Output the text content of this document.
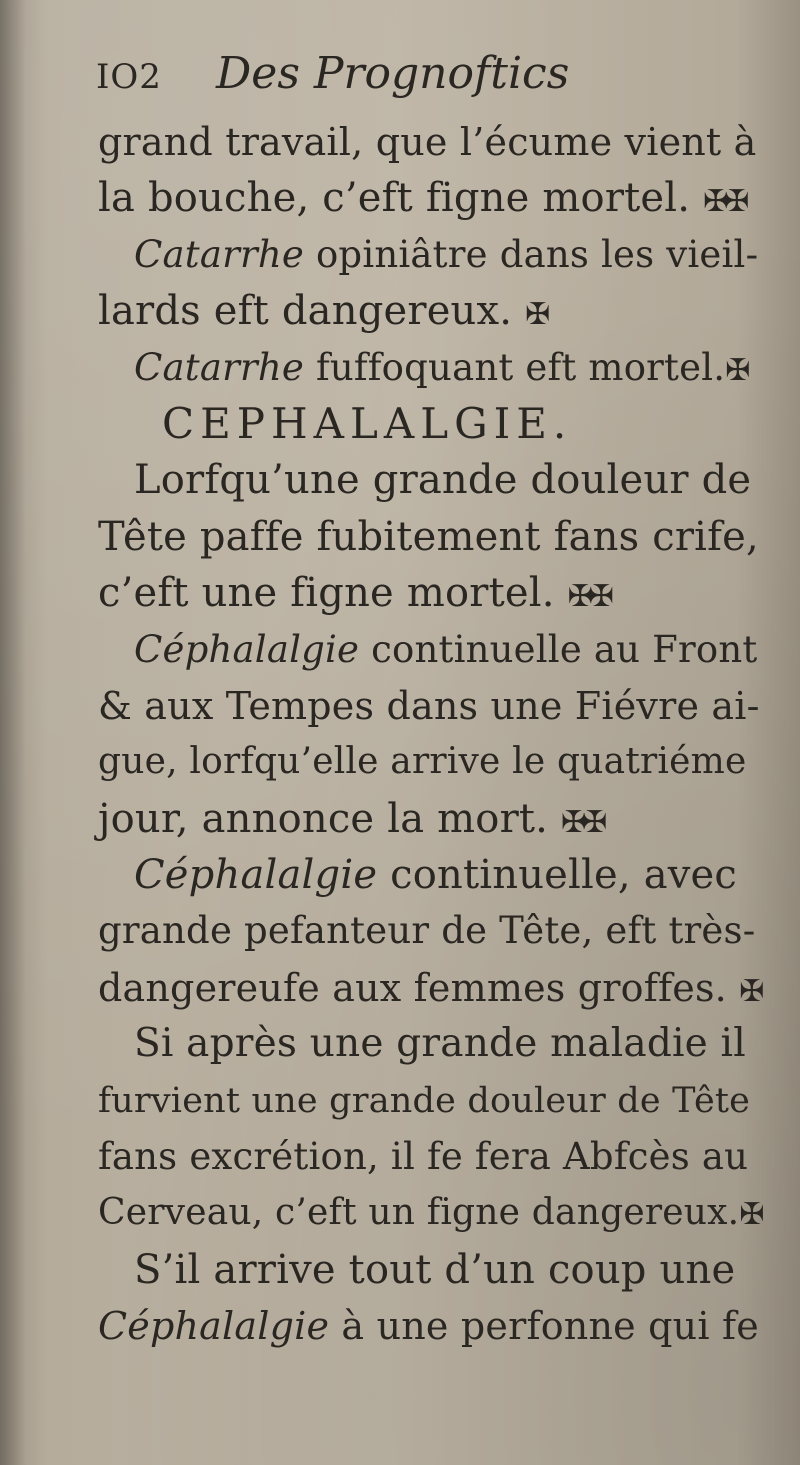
IO2	Des Prognoftics
grand travail, que l’écume vient à
la bouche, c’eft figne mortel. ✠✠
Catarrhe opiniâtre dans les vieil-
lards eft dangereux. ✠
Catarrhe fuffoquant eft mortel.✠
CEPHALALGIE.
Lorfqu’une grande douleur de
Tête paffe fubitement fans crife,
c’eft une figne mortel. ✠✠
Céphalalgie continuelle au Front
& aux Tempes dans une Fiévre ai-
gue, lorfqu’elle arrive le quatriéme
jour, annonce la mort. ✠✠
Céphalalgie continuelle, avec
grande pefanteur de Tête, eft très-
dangereufe aux femmes groffes. ✠
Si après une grande maladie il
furvient une grande douleur de Tête
fans excrétion, il fe fera Abfcès au
Cerveau, c’eft un figne dangereux.✠
S’il arrive tout d’un coup une
Céphalalgie à une perfonne qui fe
